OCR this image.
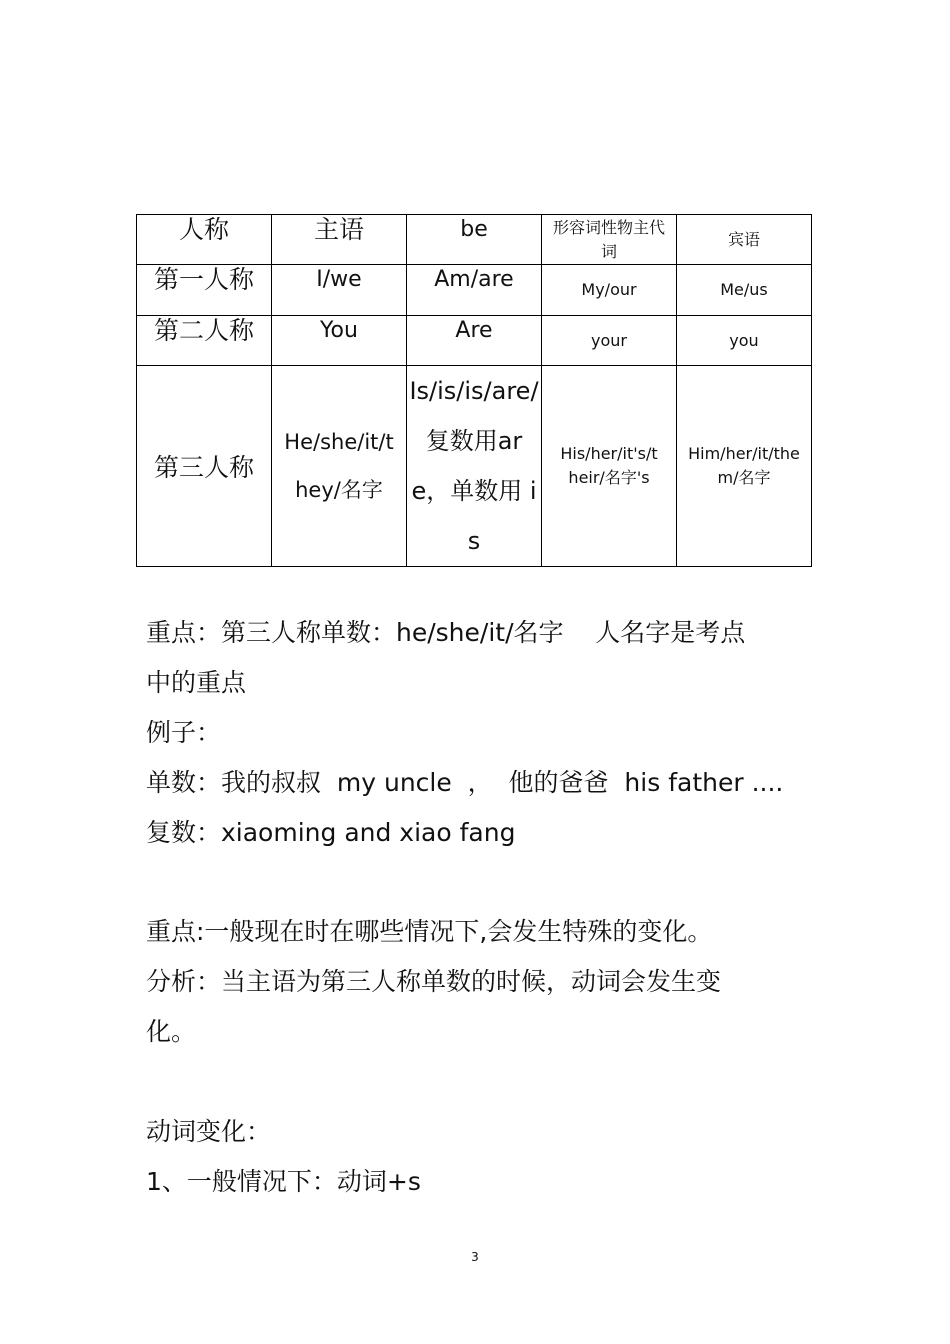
人称	主语	be	形容词性物主代词	宾语
第一人称	I/we	Am/are	My/our	Me/us
第二人称	You	Are	your	you
第三人称	He/she/it/they/名字	Is/is/is/are/复数用are，单数用 is	His/her/it's/their/名字's	Him/her/it/them/名字
重点：第三人称单数：he/she/it/名字    人名字是考点
中的重点
例子：
单数：我的叔叔  my uncle  ，  他的爸爸  his father ....
复数：xiaoming and xiao fang
重点:一般现在时在哪些情况下,会发生特殊的变化。
分析：当主语为第三人称单数的时候，动词会发生变
化。
动词变化：
1、一般情况下：动词+s
3
